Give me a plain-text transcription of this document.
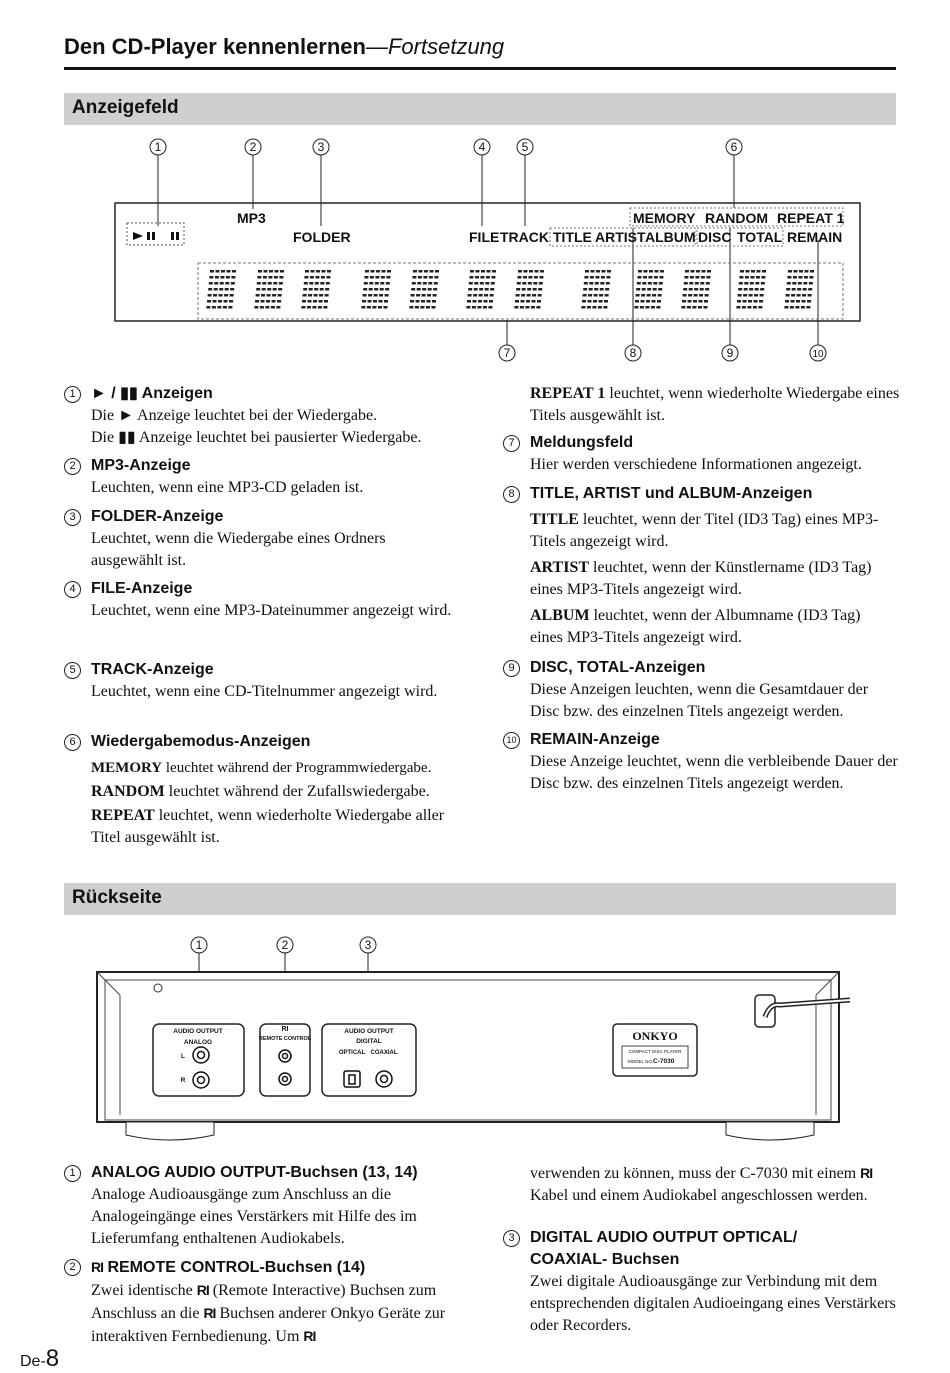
Den CD-Player kennenlernen—Fortsetzung
Anzeigefeld
1	2	3	4	5	6
7	8	9	10
MP3
FOLDER	FILE TRACK TITLE ARTIST ALBUM DISC TOTAL REMAIN
MEMORY RANDOM REPEAT 1
1 ► / ▮▮ Anzeigen

Die ► Anzeige leuchtet bei der Wiedergabe.

Die ▮▮ Anzeige leuchtet bei pausierter Wiedergabe.

2 MP3-Anzeige

Leuchten, wenn eine MP3-CD geladen ist.

3 FOLDER-Anzeige

Leuchtet, wenn die Wiedergabe eines Ordners ausgewählt ist.

4 FILE-Anzeige

Leuchtet, wenn eine MP3-Dateinummer angezeigt wird.

5 TRACK-Anzeige

Leuchtet, wenn eine CD-Titelnummer angezeigt wird.

6 Wiedergabemodus-Anzeigen

MEMORY leuchtet während der Programmwiedergabe.

RANDOM leuchtet während der Zufallswiedergabe.

REPEAT leuchtet, wenn wiederholte Wiedergabe aller Titel ausgewählt ist.

REPEAT 1 leuchtet, wenn wiederholte Wiedergabe eines Titels ausgewählt ist.

7 Meldungsfeld

Hier werden verschiedene Informationen angezeigt.

8 TITLE, ARTIST und ALBUM-Anzeigen

TITLE leuchtet, wenn der Titel (ID3 Tag) eines MP3-Titels angezeigt wird.

ARTIST leuchtet, wenn der Künstlername (ID3 Tag) eines MP3-Titels angezeigt wird.

ALBUM leuchtet, wenn der Albumname (ID3 Tag) eines MP3-Titels angezeigt wird.

9 DISC, TOTAL-Anzeigen

Diese Anzeigen leuchten, wenn die Gesamtdauer der Disc bzw. des einzelnen Titels angezeigt werden.

10 REMAIN-Anzeige

Diese Anzeige leuchtet, wenn die verbleibende Dauer der Disc bzw. des einzelnen Titels angezeigt werden.

Rückseite
1	2	3
AUDIO OUTPUT
ANALOG
L
R
RI
REMOTE CONTROL
AUDIO OUTPUT
DIGITAL
OPTICAL COAXIAL
ONKYO
COMPACT DISC PLAYER
MODEL NO. C-7030
1 ANALOG AUDIO OUTPUT-Buchsen (13, 14)

Analoge Audioausgänge zum Anschluss an die Analogeingänge eines Verstärkers mit Hilfe des im Lieferumfang enthaltenen Audiokabels.

2	RI REMOTE CONTROL-Buchsen (14)

Zwei identische RI (Remote Interactive) Buchsen zum Anschluss an die RI Buchsen anderer Onkyo Geräte zur interaktiven Fernbedienung. Um RI

verwenden zu können, muss der C-7030 mit einem RI Kabel und einem Audiokabel angeschlossen werden.

3 DIGITAL AUDIO OUTPUT OPTICAL/ COAXIAL- Buchsen

Zwei digitale Audioausgänge zur Verbindung mit dem entsprechenden digitalen Audioeingang eines Verstärkers oder Recorders.

De-8
